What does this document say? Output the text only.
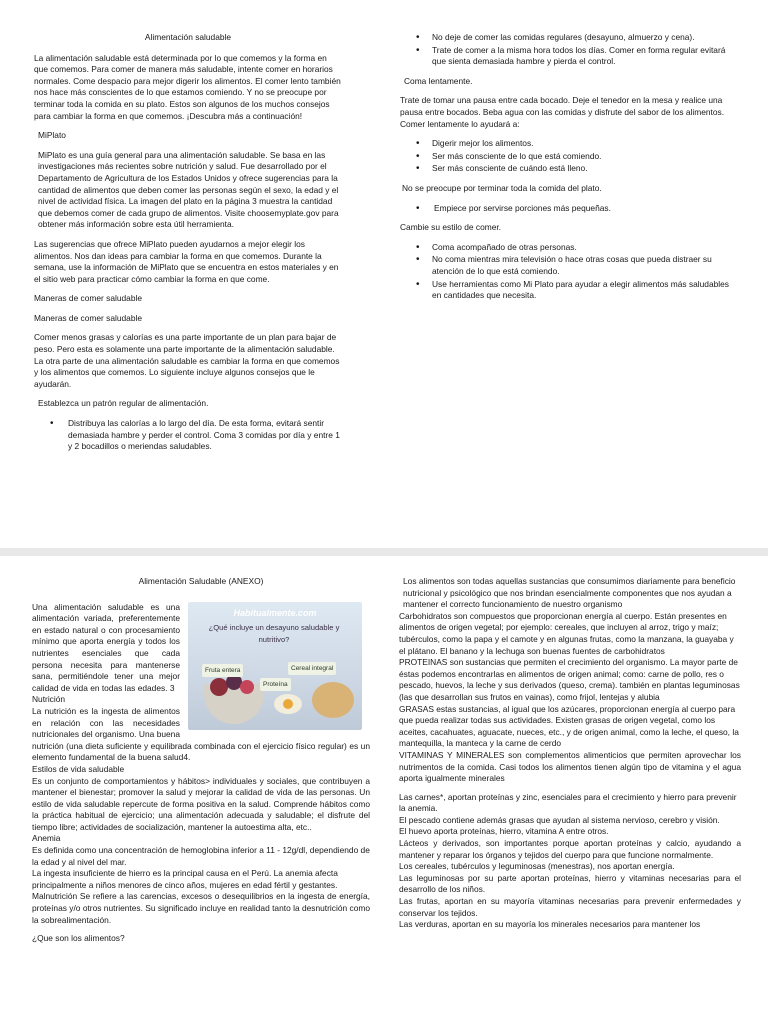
Alimentación saludable

La alimentación saludable está determinada por lo que comemos y la forma en que comemos. Para comer de manera más saludable, intente comer en horarios normales. Come despacio para mejor digerir los alimentos. El comer lento también nos hace más conscientes de lo que estamos comiendo. Y no se preocupe por terminar toda la comida en su plato. Estos son algunos de los muchos consejos para cambiar la forma en que comemos. ¡Descubra más a continuación!

MiPlato

MiPlato es una guía general para una alimentación saludable. Se basa en las investigaciones más recientes sobre nutrición y salud. Fue desarrollado por el Departamento de Agricultura de los Estados Unidos y ofrece sugerencias para la cantidad de alimentos que deben comer las personas según el sexo, la edad y el nivel de actividad física. La imagen del plato en la página 3 muestra la cantidad que debemos comer de cada grupo de alimentos. Visite choosemyplate.gov para obtener más información sobre esta útil herramienta.

Las sugerencias que ofrece MiPlato pueden ayudarnos a mejor elegir los alimentos. Nos dan ideas para cambiar la forma en que comemos. Durante la semana, use la información de MiPlato que se encuentra en estos materiales y en el sitio web para practicar cómo cambiar la forma en que come.

Maneras de comer saludable

Maneras de comer saludable

Comer menos grasas y calorías es una parte importante de un plan para bajar de peso. Pero esta es solamente una parte importante de la alimentación saludable. La otra parte de una alimentación saludable es cambiar la forma en que comemos y los alimentos que comemos. Lo siguiente incluye algunos consejos que le ayudarán.

Establezca un patrón regular de alimentación.

• Distribuya las calorías a lo largo del día. De esta forma, evitará sentir demasiada hambre y perder el control. Coma 3 comidas por día y entre 1 y 2 bocadillos o meriendas saludables.
• No deje de comer las comidas regulares (desayuno, almuerzo y cena).
• Trate de comer a la misma hora todos los días. Comer en forma regular evitará que sienta demasiada hambre y pierda el control.

Coma lentamente.

Trate de tomar una pausa entre cada bocado. Deje el tenedor en la mesa y realice una pausa entre bocados. Beba agua con las comidas y disfrute del sabor de los alimentos. Comer lentamente lo ayudará a:

• Digerir mejor los alimentos.
• Ser más consciente de lo que está comiendo.
• Ser más consciente de cuándo está lleno.

No se preocupe por terminar toda la comida del plato.

• Empiece por servirse porciones más pequeñas.

Cambie su estilo de comer.

• Coma acompañado de otras personas.
• No coma mientras mira televisión o hace otras cosas que pueda distraer su atención de lo que está comiendo.
• Use herramientas como Mi Plato para ayudar a elegir alimentos más saludables en cantidades que necesita.

Alimentación Saludable (ANEXO)

Habitualmente.com
¿Qué incluye un desayuno saludable y nutritivo?
Fruta entera	Cereal integral
Proteína

Una alimentación saludable es una alimentación variada, preferentemente en estado natural o con procesamiento mínimo que aporta energía y todos los nutrientes esenciales que cada persona necesita para mantenerse sana, permitiéndole tener una mejor calidad de vida en todas las edades. 3

Nutrición

La nutrición es la ingesta de alimentos en relación con las necesidades nutricionales del organismo. Una buena nutrición (una dieta suficiente y equilibrada combinada con el ejercicio físico regular) es un elemento fundamental de la buena salud4.

Estilos de vida saludable

Es un conjunto de comportamientos y hábitos> individuales y sociales, que contribuyen a mantener el bienestar; promover la salud y mejorar la calidad de vida de las personas. Un estilo de vida saludable repercute de forma positiva en la salud. Comprende hábitos como la práctica habitual de ejercicio; una alimentación adecuada y saludable; el disfrute del tiempo libre; actividades de socialización, mantener la autoestima alta, etc..

Anemia

Es definida como una concentración de hemoglobina inferior a 11 - 12g/dl, dependiendo de la edad y al nivel del mar.

La ingesta insuficiente de hierro es la principal causa en el Perú. La anemia afecta principalmente a niños menores de cinco años, mujeres en edad fértil y gestantes.

Malnutrición Se refiere a las carencias, excesos o desequilibrios en la ingesta de energía, proteínas y/o otros nutrientes. Su significado incluye en realidad tanto la desnutrición como la sobrealimentación.

¿Que son los alimentos?

Los alimentos son todas aquellas sustancias que consumimos diariamente para beneficio nutricional y psicológico que nos brindan esencialmente componentes que nos ayudan a mantener el correcto funcionamiento de nuestro organismo

Carbohidratos son compuestos que proporcionan energía al cuerpo. Están presentes en alimentos de origen vegetal; por ejemplo: cereales, que incluyen al arroz, trigo y maíz; tubérculos, como la papa y el camote y en algunas frutas, como la manzana, la guayaba y el plátano. El banano y la lechuga son buenas fuentes de carbohidratos

PROTEINAS son sustancias que permiten el crecimiento del organismo. La mayor parte de éstas podemos encontrarlas en alimentos de origen animal; como: carne de pollo, res o pescado, huevos, la leche y sus derivados (queso, crema). también en plantas leguminosas (las que desarrollan sus frutos en vainas), como frijol, lentejas y alubia

GRASAS estas sustancias, al igual que los azúcares, proporcionan energía al cuerpo para que pueda realizar todas sus actividades. Existen grasas de origen vegetal, como los aceites, cacahuates, aguacate, nueces, etc., y de origen animal, como la leche, el queso, la mantequilla, la manteca y la carne de cerdo

VITAMINAS Y MINERALES son complementos alimenticios que permiten aprovechar los nutrimentos de la comida. Casi todos los alimentos tienen algún tipo de vitamina y el agua aporta igualmente minerales

Las carnes*, aportan proteínas y zinc, esenciales para el crecimiento y hierro para prevenir la anemia.

El pescado contiene además grasas que ayudan al sistema nervioso, cerebro y visión.

El huevo aporta proteínas, hierro, vitamina A entre otros.

Lácteos y derivados, son importantes porque aportan proteínas y calcio, ayudando a mantener y reparar los órganos y tejidos del cuerpo para que funcione normalmente.

Los cereales, tubérculos y leguminosas (menestras), nos aportan energía.

Las leguminosas por su parte aportan proteínas, hierro y vitaminas necesarias para el desarrollo de los niños.

Las frutas, aportan en su mayoría vitaminas necesarias para prevenir enfermedades y conservar los tejidos.

Las verduras, aportan en su mayoría los minerales necesarios para mantener los
